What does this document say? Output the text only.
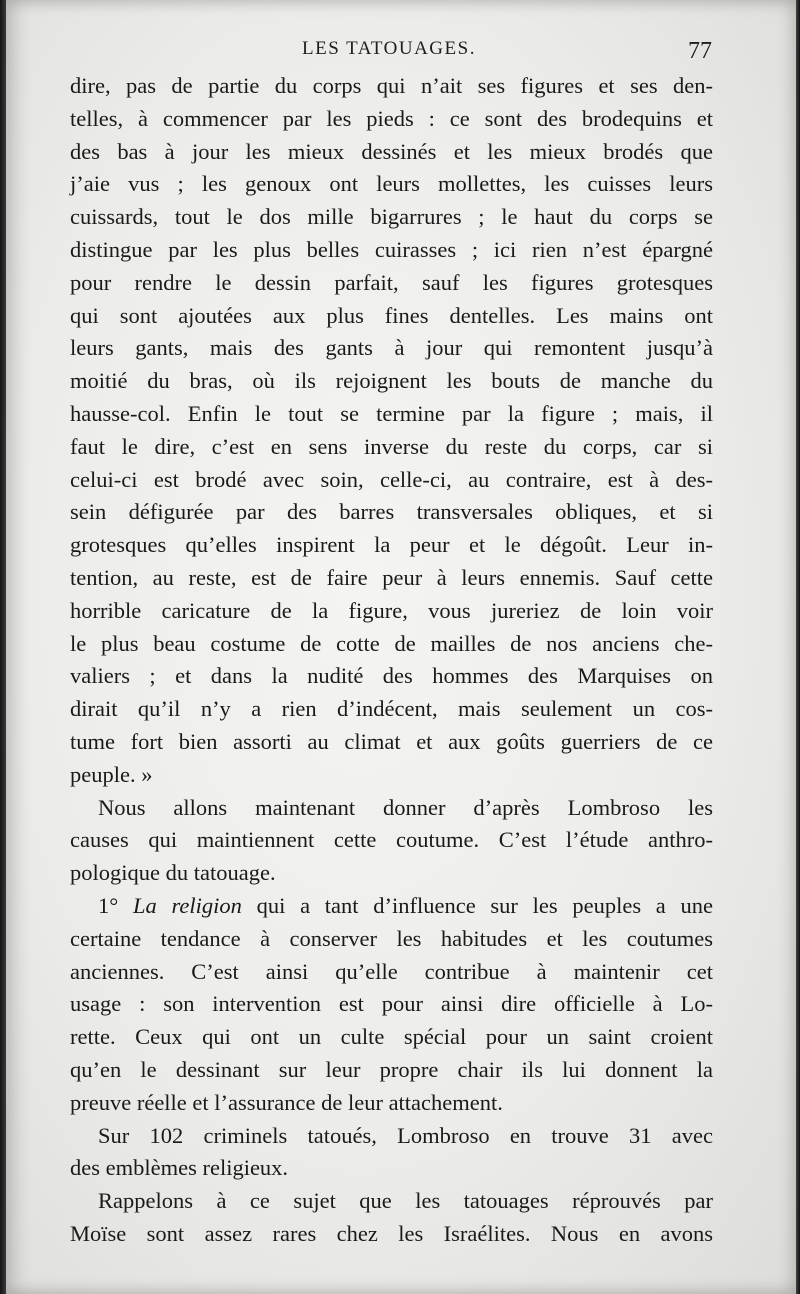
LES TATOUAGES.	77
dire, pas de partie du corps qui n’ait ses figures et ses den-
telles, à commencer par les pieds : ce sont des brodequins et
des bas à jour les mieux dessinés et les mieux brodés que
j’aie vus ; les genoux ont leurs mollettes, les cuisses leurs
cuissards, tout le dos mille bigarrures ; le haut du corps se
distingue par les plus belles cuirasses ; ici rien n’est épargné
pour rendre le dessin parfait, sauf les figures grotesques
qui sont ajoutées aux plus fines dentelles. Les mains ont
leurs gants, mais des gants à jour qui remontent jusqu’à
moitié du bras, où ils rejoignent les bouts de manche du
hausse-col. Enfin le tout se termine par la figure ; mais, il
faut le dire, c’est en sens inverse du reste du corps, car si
celui-ci est brodé avec soin, celle-ci, au contraire, est à des-
sein défigurée par des barres transversales obliques, et si
grotesques qu’elles inspirent la peur et le dégoût. Leur in-
tention, au reste, est de faire peur à leurs ennemis. Sauf cette
horrible caricature de la figure, vous jureriez de loin voir
le plus beau costume de cotte de mailles de nos anciens che-
valiers ; et dans la nudité des hommes des Marquises on
dirait qu’il n’y a rien d’indécent, mais seulement un cos-
tume fort bien assorti au climat et aux goûts guerriers de ce
peuple. »
Nous allons maintenant donner d’après Lombroso les
causes qui maintiennent cette coutume. C’est l’étude anthro-
pologique du tatouage.
1° La religion qui a tant d’influence sur les peuples a une
certaine tendance à conserver les habitudes et les coutumes
anciennes. C’est ainsi qu’elle contribue à maintenir cet
usage : son intervention est pour ainsi dire officielle à Lo-
rette. Ceux qui ont un culte spécial pour un saint croient
qu’en le dessinant sur leur propre chair ils lui donnent la
preuve réelle et l’assurance de leur attachement.
Sur 102 criminels tatoués, Lombroso en trouve 31 avec
des emblèmes religieux.
Rappelons à ce sujet que les tatouages réprouvés par
Moïse sont assez rares chez les Israélites. Nous en avons
